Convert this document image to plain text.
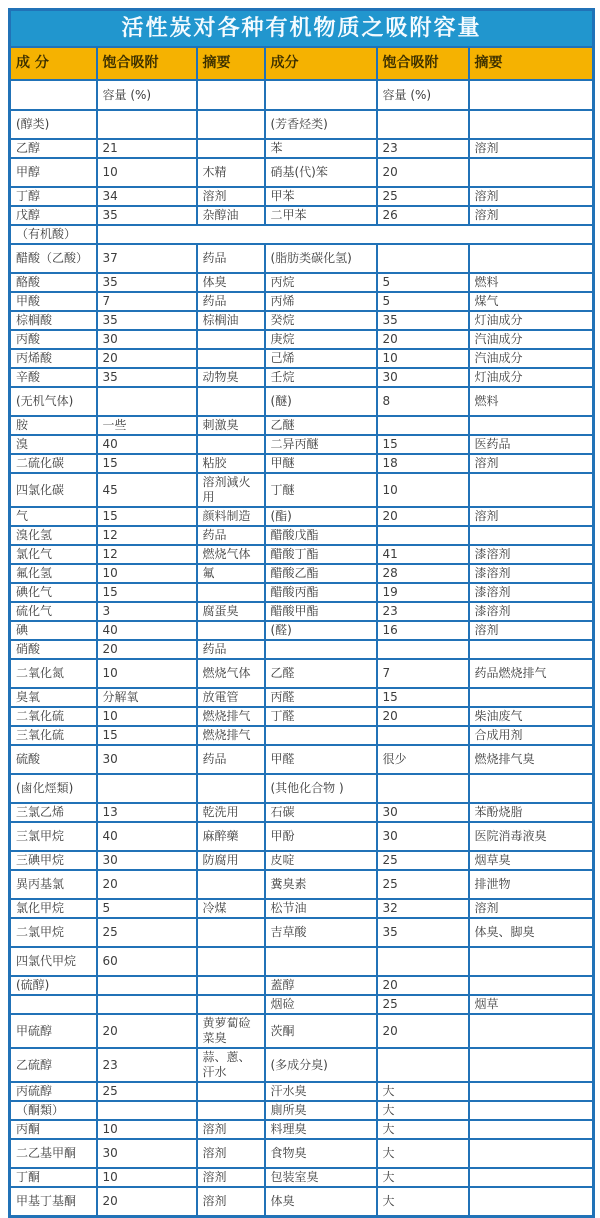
活性炭对各种有机物质之吸附容量					
成 分	饱合吸附	摘要	成分	饱合吸附	摘要
	容量 (%)			容量 (%)	
(醇类)			(芳香烃类)		
乙醇	21		苯	23	溶剂
甲醇	10	木精	硝基(代)笨	20	
丁醇	34	溶剂	甲苯	25	溶剂
戊醇	35	杂醇油	二甲苯	26	溶剂
（有机酸）					
醋酸（乙酸）	37	药品	(脂肪类碳化氢)		
酪酸	35	体臭	丙烷	5	燃料
甲酸	7	药品	丙烯	5	煤气
棕榈酸	35	棕榈油	癸烷	35	灯油成分
丙酸	30		庚烷	20	汽油成分
丙烯酸	20		己烯	10	汽油成分
辛酸	35	动物臭	壬烷	30	灯油成分
(无机气体)			(醚)	8	燃料
胺	一些	刺激臭	乙醚		
溴	40		二异丙醚	15	医药品
二硫化碳	15	粘胶	甲醚	18	溶剂
四氯化碳	45	溶剂減火用	丁醚	10	
气	15	颜料制造	(酯)	20	溶剂
溴化氢	12	药品	醋酸戊酯		
氯化气	12	燃烧气体	醋酸丁酯	41	漆溶剂
氟化氢	10	氟	醋酸乙酯	28	漆溶剂
碘化气	15		醋酸丙酯	19	漆溶剂
硫化气	3	腐蛋臭	醋酸甲酯	23	漆溶剂
碘	40		(醛)	16	溶剂
硝酸	20	药品			
二氧化氮	10	燃烧气体	乙醛	7	药品燃烧排气
臭氧	分解氧	放電管	丙醛	15	
二氧化硫	10	燃烧排气	丁醛	20	柴油废气
三氧化硫	15	燃烧排气			合成用剂
硫酸	30	药品	甲醛	很少	燃烧排气臭
(鹵化烴類)			(其他化合物 )		
三氯乙烯	13	乾洗用	石碳	30	苯酚烧脂
三氯甲烷	40	麻醉藥	甲酚	30	医院消毒液臭
三碘甲烷	30	防腐用	皮啶	25	烟草臭
異丙基氯	20		糞臭素	25	排泄物
氯化甲烷	5	冷煤	松节油	32	溶剂
二氯甲烷	25		吉草酸	35	体臭、脚臭
四氯代甲烷	60				
(硫醇)			蓋醇	20	
			烟硷	25	烟草
甲硫醇	20	黄萝蔔硷菜臭	茨酮	20	
乙硫醇	23	蒜、蔥、汗水	(多成分臭)		
丙硫醇	25		汗水臭	大	
（酮類）			廁所臭	大	
丙酮	10	溶剂	料理臭	大	
二乙基甲酮	30	溶剂	食物臭	大	
丁酮	10	溶剂	包装室臭	大	
甲基丁基酮	20	溶剂	体臭	大	
